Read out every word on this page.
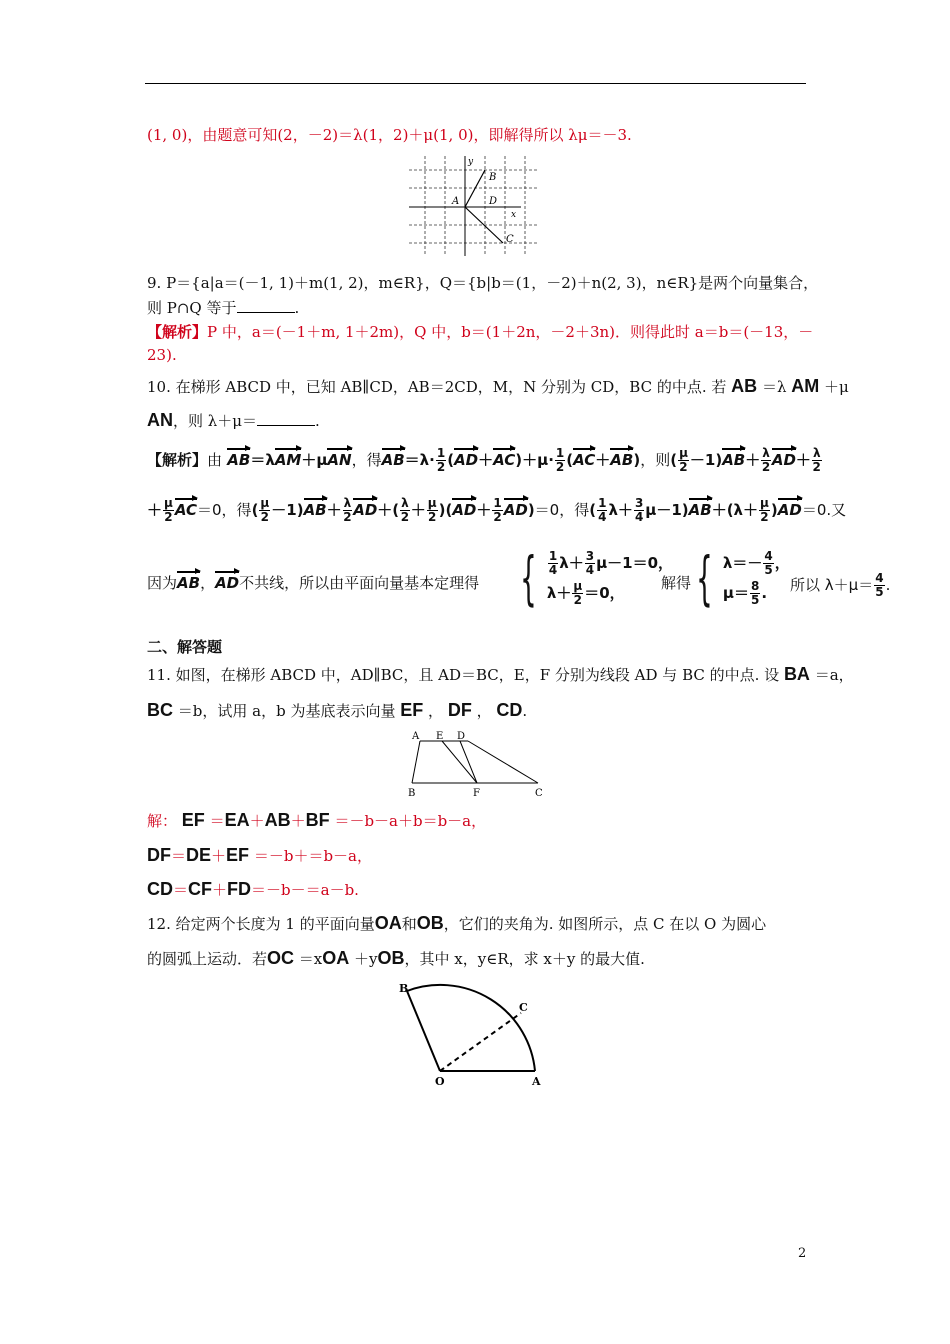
(1, 0)，由题意可知(2，－2)＝λ(1，2)＋μ(1, 0)，即解得所以 λμ＝－3.
y
x
A
B
D
C
9. P＝{a|a＝(－1, 1)＋m(1, 2)，m∈R}，Q＝{b|b＝(1，－2)＋n(2, 3)，n∈R}是两个向量集合，
则 P∩Q 等于	.
【解析】P 中，a＝(－1＋m, 1＋2m)，Q 中，b＝(1＋2n，－2＋3n)．则得此时 a＝b＝(－13，－
23).
10. 在梯形 ABCD 中，已知 AB∥CD，AB＝2CD，M，N 分别为 CD，BC 的中点. 若 AB ＝λ AM ＋μ
AN，则 λ＋μ＝	.
【解析】由 AB＝λAM＋μAN，得$AB=\lambda\cdot \frac{1}{2} (AD+AC)+\mu\cdot \frac{1}{2} (AC+AB)$，则( $\frac{\mu}{2} -1)AB+ \frac{\lambda}{2} AD+ \frac{\lambda}{2}$
＋ $\frac{\mu}{2} AC=0$，得( $\frac{\mu}{2} -1)AB+ \frac{\lambda}{2} AD+( \frac{\lambda}{2} + \frac{\mu}{2} )(AD+ \frac{1}{2} AD)=0$，得( $\frac{1}{4} \lambda+ \frac{3}{4} \mu-1)AB+(\lambda+ \frac{\mu}{2} )AD=0$.又
因为AB，AD不共线，所以由平面向量基本定理得 { $\frac{1}{4} \lambda+ \frac{3}{4} \mu-1=0$，
$\lambda+ \frac{\mu}{2} =0$，
解得 { $\lambda=- \frac{4}{5}$ ，
$\mu= \frac{8}{5}$ .	所以 $\lambda+\mu= \frac{4}{5}$ .
二、解答题
11. 如图，在梯形 ABCD 中，AD∥BC，且 AD＝BC，E，F 分别为线段 AD 与 BC 的中点. 设 BA ＝a，
BC ＝b，试用 a，b 为基底表示向量 EF ， DF ， CD.
A E D
B	F	C
解： EF ＝EA＋AB＋BF ＝－b－a＋b＝b－a，
DF＝DE＋EF ＝－b＋＝b－a，
CD＝CF＋FD＝－b－＝a－b.
12. 给定两个长度为 1 的平面向量OA和OB，它们的夹角为. 如图所示，点 C 在以 O 为圆心
的圆弧上运动．若OC ＝xOA ＋yOB，其中 x，y∈R，求 x＋y 的最大值.
B
C
O	A
2
